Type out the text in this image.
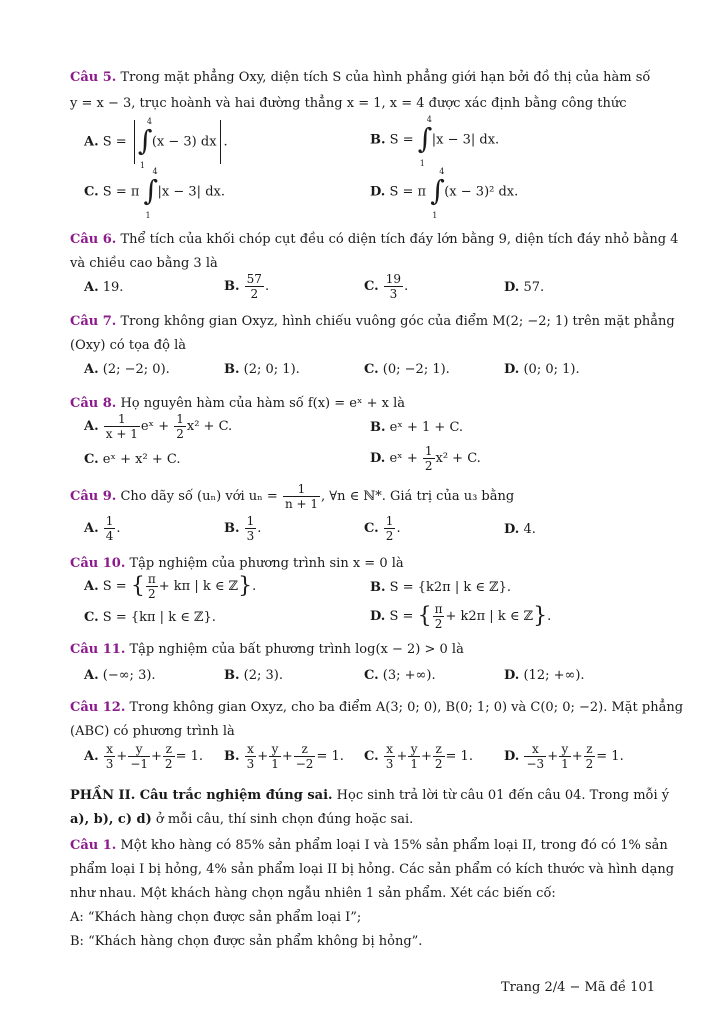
Câu 5. Trong mặt phẳng Oxy, diện tích S của hình phẳng giới hạn bởi đồ thị của hàm số
y = x − 3, trục hoành và hai đường thẳng x = 1, x = 4 được xác định bằng công thức
A. S = ∫
4
1
(x − 3) dx .	B. S = ∫
4
1
|x − 3| dx.
C. S = π ∫
4
1
|x − 3| dx.	D. S = π ∫
4
1
(x − 3)² dx.
Câu 6. Thể tích của khối chóp cụt đều có diện tích đáy lớn bằng 9, diện tích đáy nhỏ bằng 4
và chiều cao bằng 3 là
A. 19.	B. $\frac{57}{2}$ .	C. $\frac{19}{3}$ .	D. 57.
Câu 7. Trong không gian Oxyz, hình chiếu vuông góc của điểm M(2; −2; 1) trên mặt phẳng
(Oxy) có tọa độ là
A. (2; −2; 0).	B. (2; 0; 1).	C. (0; −2; 1).	D. (0; 0; 1).
Câu 8. Họ nguyên hàm của hàm số f(x) = eˣ + x là
A. $\frac{1}{x + 1}$ eˣ + $\frac{1}{2} x^2 + C$.	B. eˣ + 1 + C.
C. eˣ + x² + C.	D. eˣ + $\frac{1}{2} x^2 + C$.
Câu 9. Cho dãy số (uₙ) với $u_n = \frac{1}{n + 1}$ , ∀n ∈ ℕ*. Giá trị của u₃ bằng
A. $\frac{1}{4}$ .	B. $\frac{1}{3}$ .	C. $\frac{1}{2}$ .	D. 4.
Câu 10. Tập nghiệm của phương trình sin x = 0 là
A. S = { $\frac{\pi}{2} + k\pi$ | k ∈ ℤ}.	B. S = {k2π | k ∈ ℤ}.
C. S = {kπ | k ∈ ℤ}.	D. S = { $\frac{\pi}{2} + k2\pi$ | k ∈ ℤ}.
Câu 11. Tập nghiệm của bất phương trình log(x − 2) > 0 là
A. (−∞; 3).	B. (2; 3).	C. (3; +∞).	D. (12; +∞).
Câu 12. Trong không gian Oxyz, cho ba điểm A(3; 0; 0), B(0; 1; 0) và C(0; 0; −2). Mặt phẳng
(ABC) có phương trình là
A. $\frac{x}{3} + \frac{y}{-1} + \frac{z}{2} = 1$. B. $\frac{x}{3} + \frac{y}{1} + \frac{z}{-2} = 1$. C. $\frac{x}{3} + \frac{y}{1} + \frac{z}{2} = 1$. D. $\frac{x}{-3} + \frac{y}{1} + \frac{z}{2} = 1$.
PHẦN II. Câu trắc nghiệm đúng sai. Học sinh trả lời từ câu 01 đến câu 04. Trong mỗi ý
a), b), c) d) ở mỗi câu, thí sinh chọn đúng hoặc sai.
Câu 1. Một kho hàng có 85% sản phẩm loại I và 15% sản phẩm loại II, trong đó có 1% sản
phẩm loại I bị hỏng, 4% sản phẩm loại II bị hỏng. Các sản phẩm có kích thước và hình dạng
như nhau. Một khách hàng chọn ngẫu nhiên 1 sản phẩm. Xét các biến cố:
A: “Khách hàng chọn được sản phẩm loại I”;
B: “Khách hàng chọn được sản phẩm không bị hỏng”.
Trang 2/4 − Mã đề 101
